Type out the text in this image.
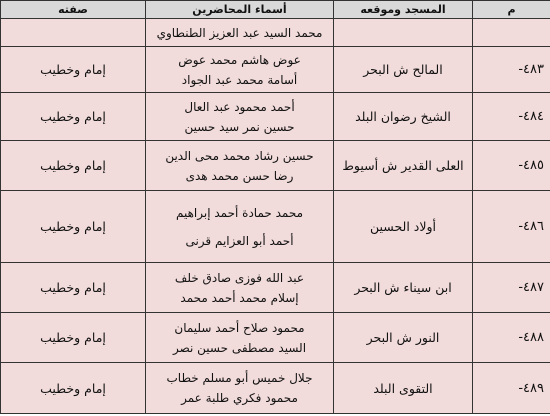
م	المسجد وموقعه	أسماء المحاضرين	صفته
		محمد السيد عبد العزيز الطنطاوي	
٤٨٣-	المالح ش البحر	عوض هاشم محمد عوض
أسامة محمد عبد الجواد	إمام وخطيب
٤٨٤-	الشيخ رضوان البلد	أحمد محمود عبد العال
حسين نمر سيد حسين	إمام وخطيب
٤٨٥-	العلى القدير ش أسيوط	حسين رشاد محمد محى الدين
رضا حسن محمد هدى	إمام وخطيب
٤٨٦-	أولاد الحسين	محمد حمادة أحمد إبراهيم
أحمد أبو العزايم قرنى	إمام وخطيب
٤٨٧-	ابن سيناء ش البحر	عبد الله فوزى صادق خلف
إسلام محمد أحمد محمد	إمام وخطيب
٤٨٨-	النور ش البحر	محمود صلاح أحمد سليمان
السيد مصطفى حسين نصر	إمام وخطيب
٤٨٩-	التقوى البلد	جلال خميس أبو مسلم خطاب
محمود فكري طلبة عمر	إمام وخطيب
